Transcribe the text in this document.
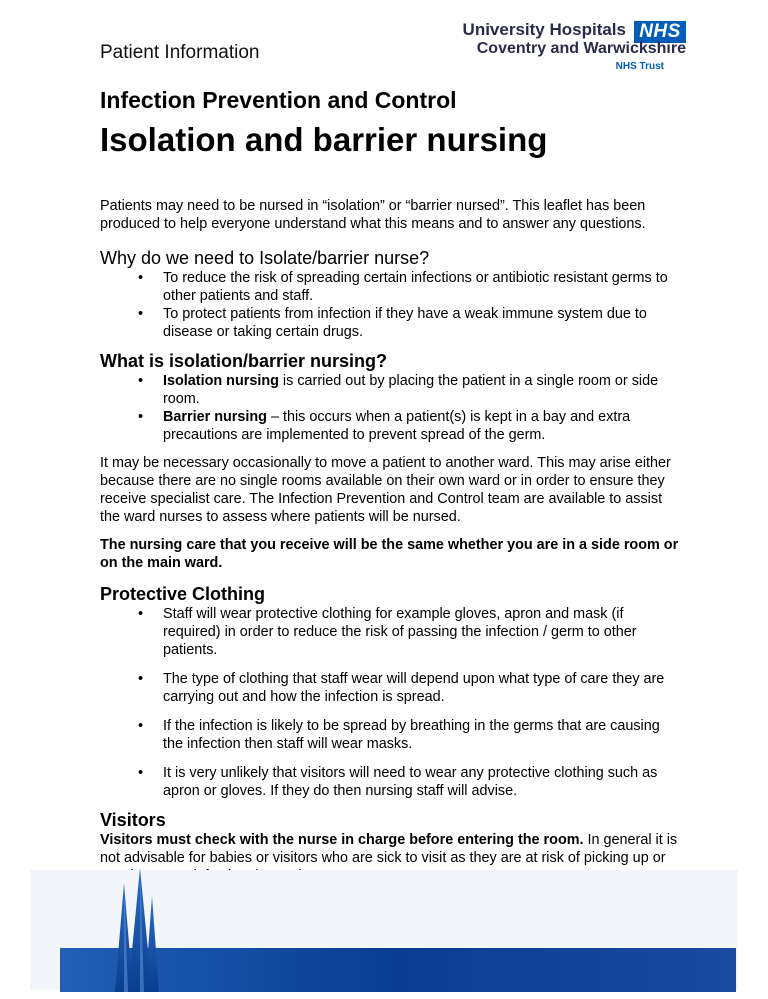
Patient Information
University Hospitals NHS
Coventry and Warwickshire
NHS Trust
Infection Prevention and Control
Isolation and barrier nursing

Patients may need to be nursed in “isolation” or “barrier nursed”. This leaflet has been produced to help everyone understand what this means and to answer any questions.

Why do we need to Isolate/barrier nurse?
• To reduce the risk of spreading certain infections or antibiotic resistant germs to other patients and staff.
• To protect patients from infection if they have a weak immune system due to disease or taking certain drugs.
What is isolation/barrier nursing?
• Isolation nursing is carried out by placing the patient in a single room or side room.
• Barrier nursing – this occurs when a patient(s) is kept in a bay and extra precautions are implemented to prevent spread of the germ.

It may be necessary occasionally to move a patient to another ward. This may arise either because there are no single rooms available on their own ward or in order to ensure they receive specialist care. The Infection Prevention and Control team are available to assist the ward nurses to assess where patients will be nursed.

The nursing care that you receive will be the same whether you are in a side room or on the main ward.

Protective Clothing
• Staff will wear protective clothing for example gloves, apron and mask (if required) in order to reduce the risk of passing the infection / germ to other patients.
• The type of clothing that staff wear will depend upon what type of care they are carrying out and how the infection is spread.
• If the infection is likely to be spread by breathing in the germs that are causing the infection then staff will wear masks.
• It is very unlikely that visitors will need to wear any protective clothing such as apron or gloves. If they do then nursing staff will advise.
Visitors

Visitors must check with the nurse in charge before entering the room. In general it is not advisable for babies or visitors who are sick to visit as they are at risk of picking up or
